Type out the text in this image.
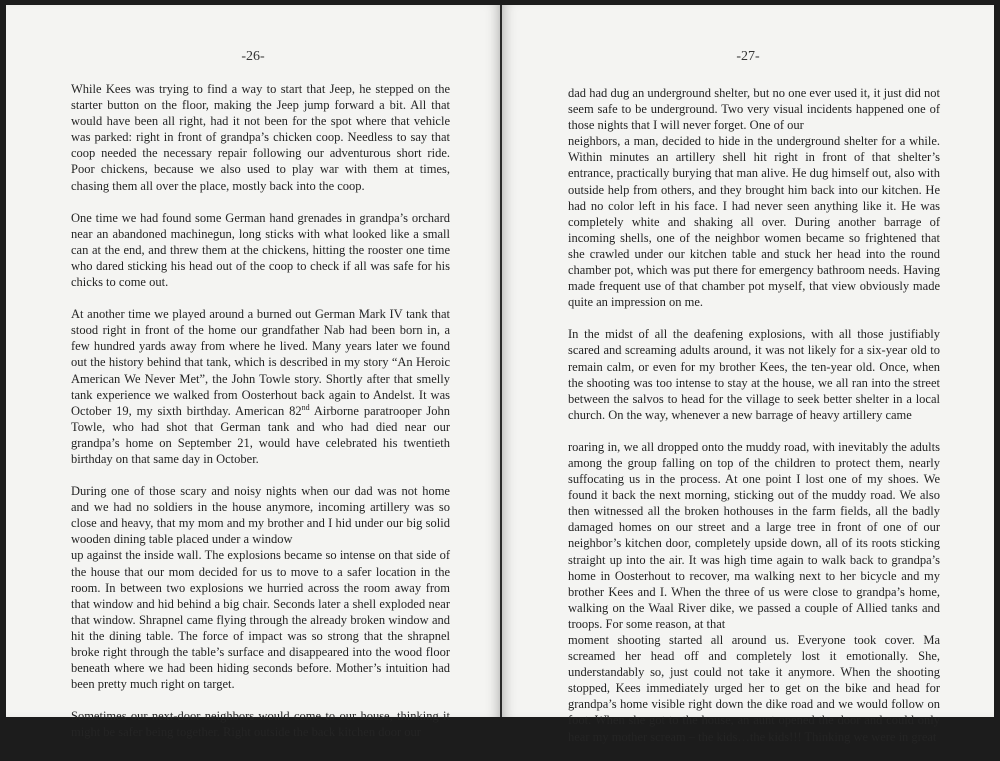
-26-

While Kees was trying to find a way to start that Jeep, he stepped on the starter button on the floor, making the Jeep jump forward a bit. All that would have been all right, had it not been for the spot where that vehicle was parked: right in front of grandpa’s chicken coop. Needless to say that coop needed the necessary repair following our adventurous short ride. Poor chickens, because we also used to play war with them at times, chasing them all over the place, mostly back into the coop.

One time we had found some German hand grenades in grandpa’s orchard near an abandoned machinegun, long sticks with what looked like a small can at the end, and threw them at the chickens, hitting the rooster one time who dared sticking his head out of the coop to check if all was safe for his chicks to come out.

At another time we played around a burned out German Mark IV tank that stood right in front of the home our grandfather Nab had been born in, a few hundred yards away from where he lived. Many years later we found out the history behind that tank, which is described in my story “An Heroic American We Never Met”, the John Towle story. Shortly after that smelly tank experience we walked from Oosterhout back again to Andelst. It was October 19, my sixth birthday. American 82nd Airborne paratrooper John Towle, who had shot that German tank and who had died near our grandpa’s home on September 21, would have celebrated his twentieth birthday on that same day in October.

During one of those scary and noisy nights when our dad was not home and we had no soldiers in the house anymore, incoming artillery was so close and heavy, that my mom and my brother and I hid under our big solid wooden dining table placed under a window

up against the inside wall. The explosions became so intense on that side of the house that our mom decided for us to move to a safer location in the room. In between two explosions we hurried across the room away from that window and hid behind a big chair. Seconds later a shell exploded near that window. Shrapnel came flying through the already broken window and hit the dining table. The force of impact was so strong that the shrapnel broke right through the table’s surface and disappeared into the wood floor beneath where we had been hiding seconds before. Mother’s intuition had been pretty much right on target.

Sometimes our next-door neighbors would come to our house, thinking it might be safer being together. Right outside the back kitchen door our

-27-

dad had dug an underground shelter, but no one ever used it, it just did not seem safe to be underground. Two very visual incidents happened one of those nights that I will never forget. One of our

neighbors, a man, decided to hide in the underground shelter for a while. Within minutes an artillery shell hit right in front of that shelter’s entrance, practically burying that man alive. He dug himself out, also with outside help from others, and they brought him back into our kitchen. He had no color left in his face. I had never seen anything like it. He was completely white and shaking all over. During another barrage of incoming shells, one of the neighbor women became so frightened that she crawled under our kitchen table and stuck her head into the round chamber pot, which was put there for emergency bathroom needs. Having made frequent use of that chamber pot myself, that view obviously made quite an impression on me.

In the midst of all the deafening explosions, with all those justifiably scared and screaming adults around, it was not likely for a six-year old to remain calm, or even for my brother Kees, the ten-year old. Once, when the shooting was too intense to stay at the house, we all ran into the street between the salvos to head for the village to seek better shelter in a local church. On the way, whenever a new barrage of heavy artillery came

roaring in, we all dropped onto the muddy road, with inevitably the adults among the group falling on top of the children to protect them, nearly suffocating us in the process. At one point I lost one of my shoes. We found it back the next morning, sticking out of the muddy road. We also then witnessed all the broken hothouses in the farm fields, all the badly damaged homes on our street and a large tree in front of one of our neighbor’s kitchen door, completely upside down, all of its roots sticking straight up into the air. It was high time again to walk back to grandpa’s home in Oosterhout to recover, ma walking next to her bicycle and my brother Kees and I. When the three of us were close to grandpa’s home, walking on the Waal River dike, we passed a couple of Allied tanks and troops. For some reason, at that

moment shooting started all around us. Everyone took cover. Ma screamed her head off and completely lost it emotionally. She, understandably so, just could not take it anymore. When the shooting stopped, Kees immediately urged her to get on the bike and head for grandpa’s home visible right down the dike road and we would follow on foot. When she got to the house, an aunt opened the door and could only hear my mother scream – the kids…the kids!!! Thinking we were in great
